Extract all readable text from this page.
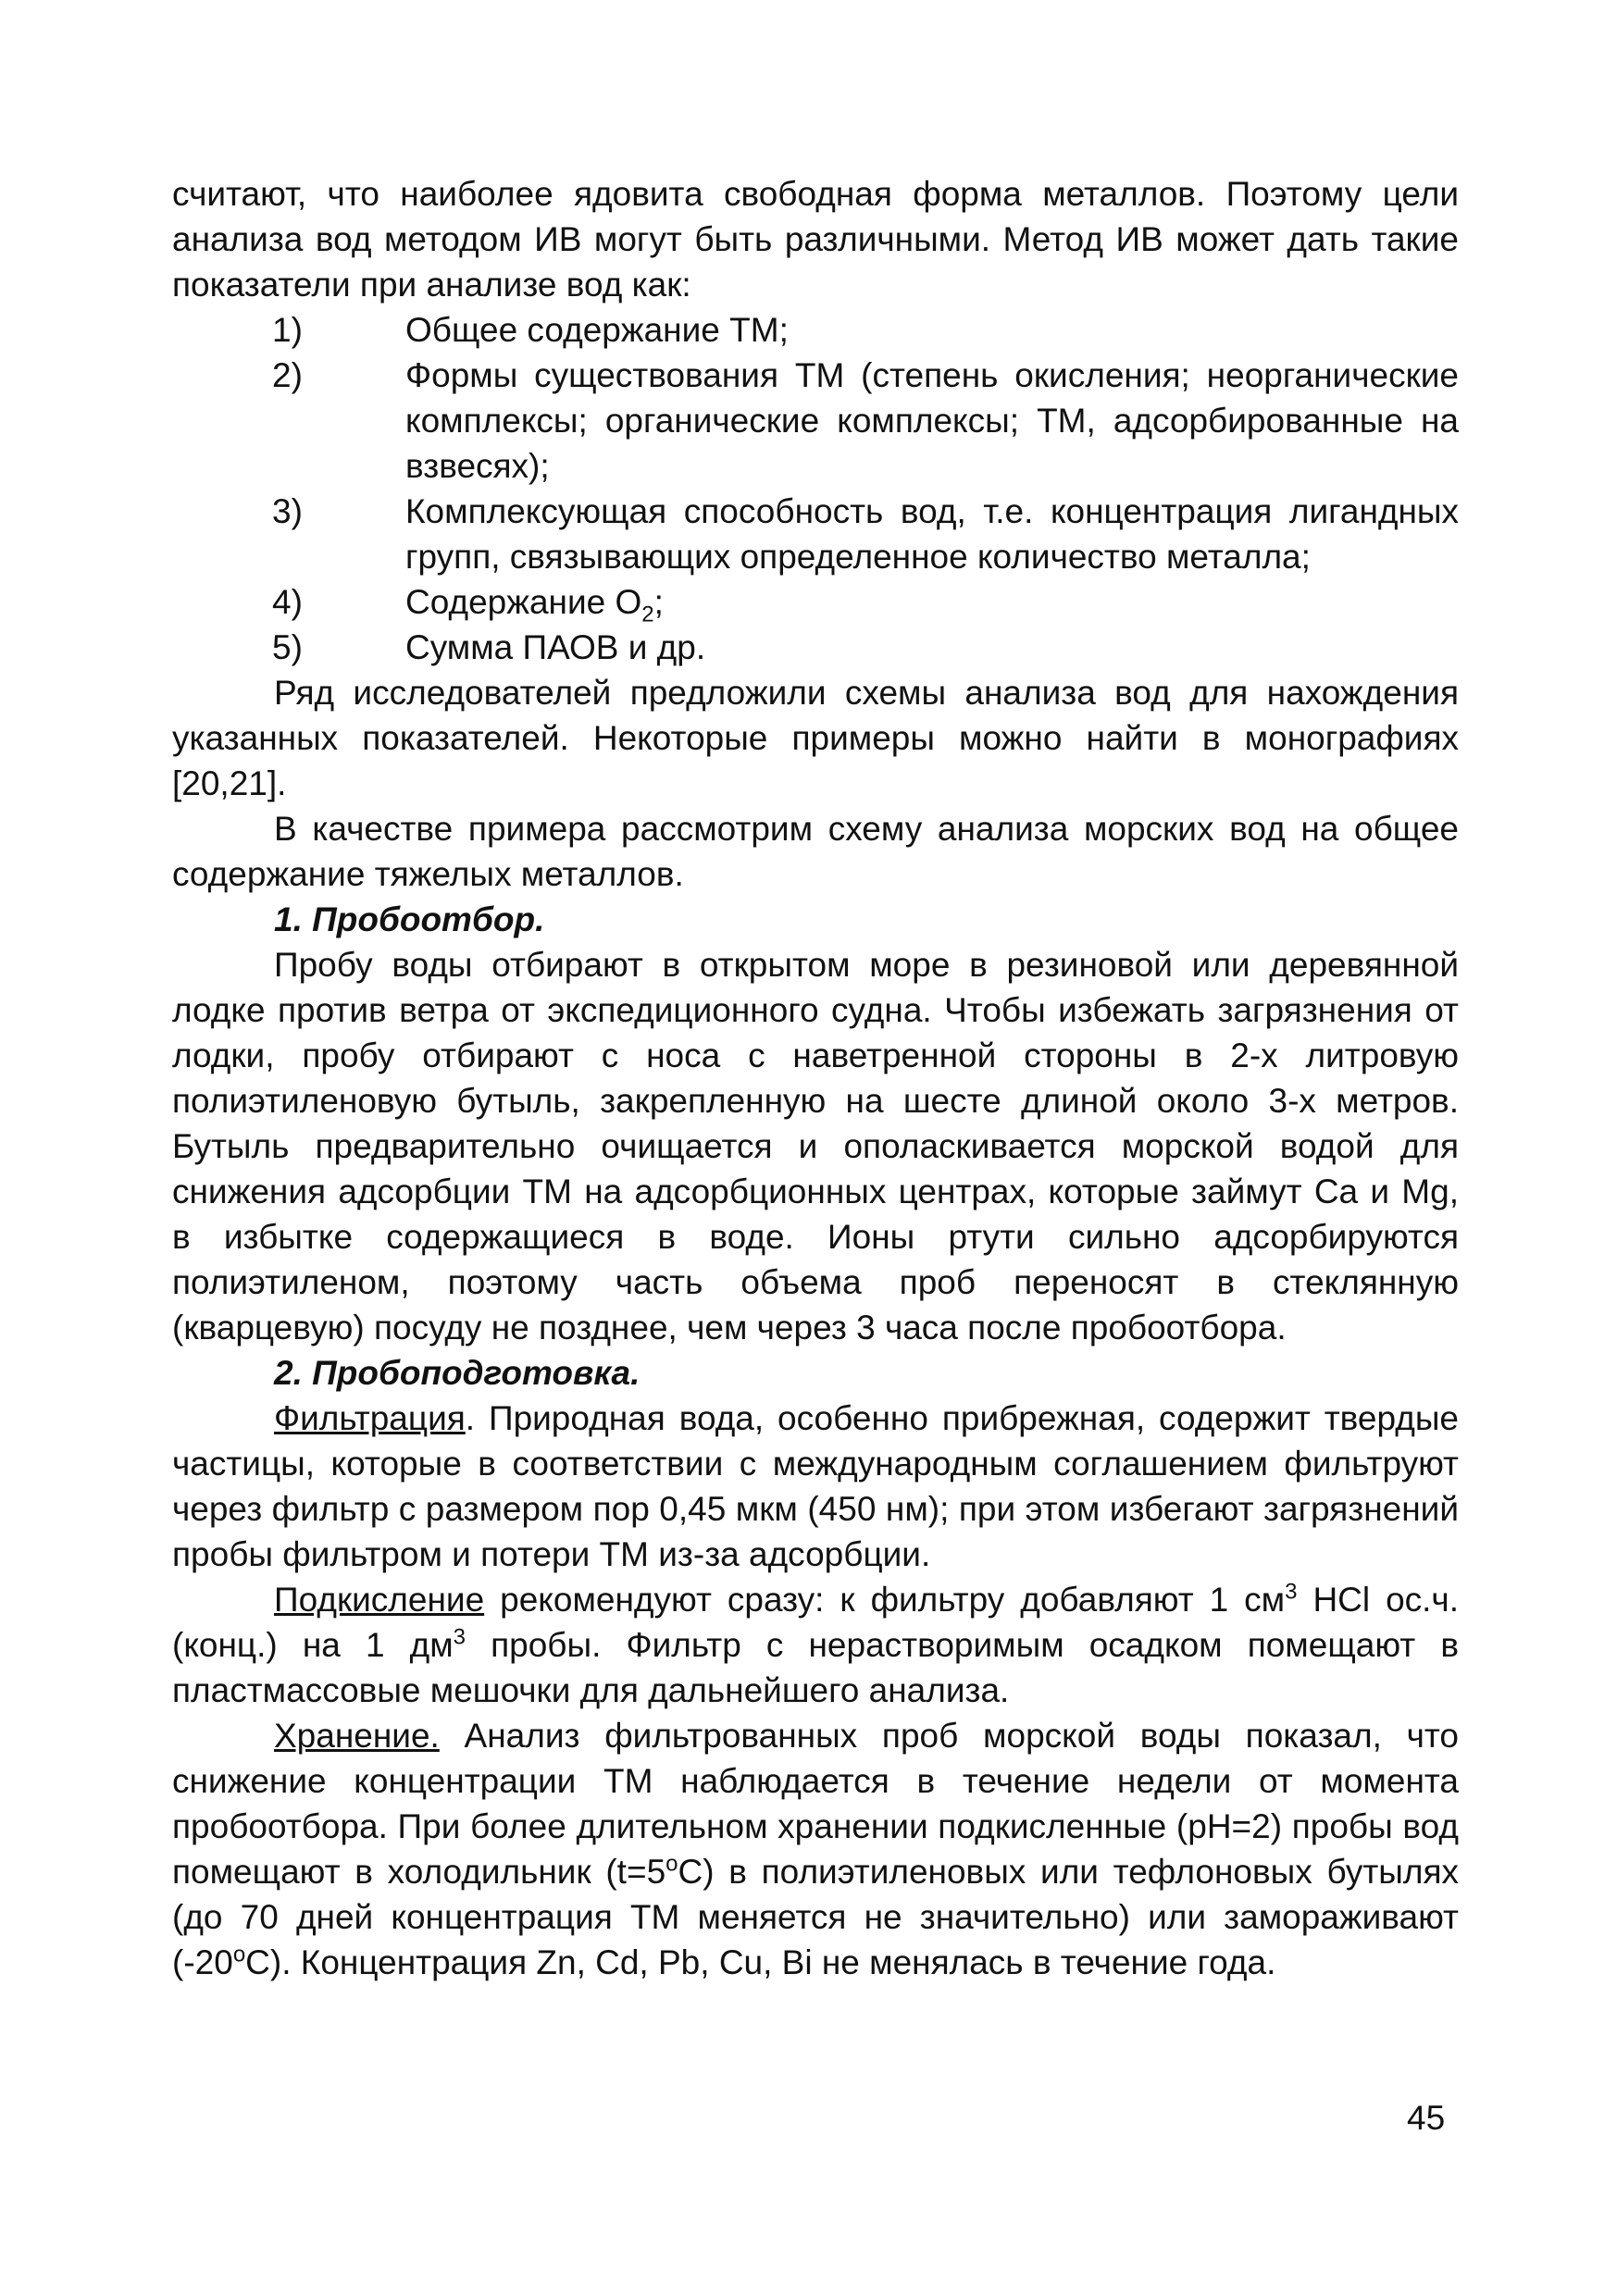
считают, что наиболее ядовита свободная форма металлов. Поэтому цели анализа вод методом ИВ могут быть различными. Метод ИВ может дать такие показатели при анализе вод как:

1)	Общее содержание ТМ;

2)	Формы существования ТМ (степень окисления; неорганические комплексы; органические комплексы; ТМ, адсорбированные на взвесях);

3)	Комплексующая способность вод, т.е. концентрация лигандных групп, связывающих определенное количество металла;

4)	Содержание $O_2$;

5)	Сумма ПАОВ и др.

Ряд исследователей предложили схемы анализа вод для нахождения указанных показателей. Некоторые примеры можно найти в монографиях [20,21].

В качестве примера рассмотрим схему анализа морских вод на общее содержание тяжелых металлов.

1. Пробоотбор.

Пробу воды отбирают в открытом море в резиновой или деревянной лодке против ветра от экспедиционного судна. Чтобы избежать загрязнения от лодки, пробу отбирают с носа с наветренной стороны в 2-х литровую полиэтиленовую бутыль, закрепленную на шесте длиной около 3-х метров. Бутыль предварительно очищается и ополаскивается морской водой для снижения адсорбции ТМ на адсорбционных центрах, которые займут Ca и Mg, в избытке содержащиеся в воде. Ионы ртути сильно адсорбируются полиэтиленом, поэтому часть объема проб переносят в стеклянную (кварцевую) посуду не позднее, чем через 3 часа после пробоотбора.

2. Пробоподготовка.

Фильтрация. Природная вода, особенно прибрежная, содержит твердые частицы, которые в соответствии с международным соглашением фильтруют через фильтр с размером пор 0,45 мкм (450 нм); при этом избегают загрязнений пробы фильтром и потери ТМ из-за адсорбции.

Подкисление рекомендуют сразу: к фильтру добавляют 1 $см^3$ HCl ос.ч. (конц.) на 1 $дм^3$ пробы. Фильтр с нерастворимым осадком помещают в пластмассовые мешочки для дальнейшего анализа.

Хранение. Анализ фильтрованных проб морской воды показал, что снижение концентрации ТМ наблюдается в течение недели от момента пробоотбора. При более длительном хранении подкисленные (pH=2) пробы вод помещают в холодильник $(t=5^oC)$ в полиэтиленовых или тефлоновых бутылях (до 70 дней концентрация ТМ меняется не значительно) или замораживают (-20$^o$C). Концентрация Zn, Cd, Pb, Cu, Bi не менялась в течение года.

45
